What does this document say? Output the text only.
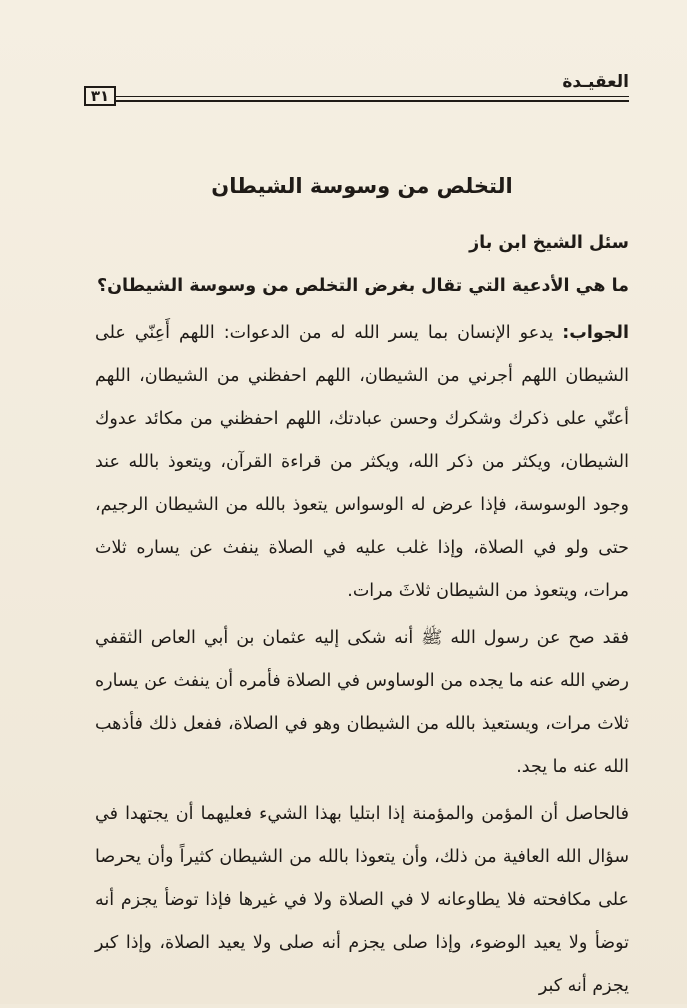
العقيـدة
٣١
التخلص من وسوسة الشيطان

سئل الشيخ ابن باز

ما هي الأدعية التي تقال بغرض التخلص من وسوسة الشيطان؟

الجواب: يدعو الإنسان بما يسر الله له من الدعوات: اللهم أَعِنّي على الشيطان اللهم أجرني من الشيطان، اللهم احفظني من الشيطان، اللهم أعنّي على ذكرك وشكرك وحسن عبادتك، اللهم احفظني من مكائد عدوك الشيطان، ويكثر من ذكر الله، ويكثر من قراءة القرآن، ويتعوذ بالله عند وجود الوسوسة، فإذا عرض له الوسواس يتعوذ بالله من الشيطان الرجيم، حتى ولو في الصلاة، وإذا غلب عليه في الصلاة ينفث عن يساره ثلاث مرات، ويتعوذ من الشيطان ثلاثَ مرات.

فقد صح عن رسول الله ﷺ أنه شكى إليه عثمان بن أبي العاص الثقفي رضي الله عنه ما يجده من الوساوس في الصلاة فأمره أن ينفث عن يساره ثلاث مرات، ويستعيذ بالله من الشيطان وهو في الصلاة، ففعل ذلك فأذهب الله عنه ما يجد.

فالحاصل أن المؤمن والمؤمنة إذا ابتليا بهذا الشيء فعليهما أن يجتهدا في سؤال الله العافية من ذلك، وأن يتعوذا بالله من الشيطان كثيراً وأن يحرصا على مكافحته فلا يطاوعانه لا في الصلاة ولا في غيرها فإذا توضأ يجزم أنه توضأ ولا يعيد الوضوء، وإذا صلى يجزم أنه صلى ولا يعيد الصلاة، وإذا كبر يجزم أنه كبر
